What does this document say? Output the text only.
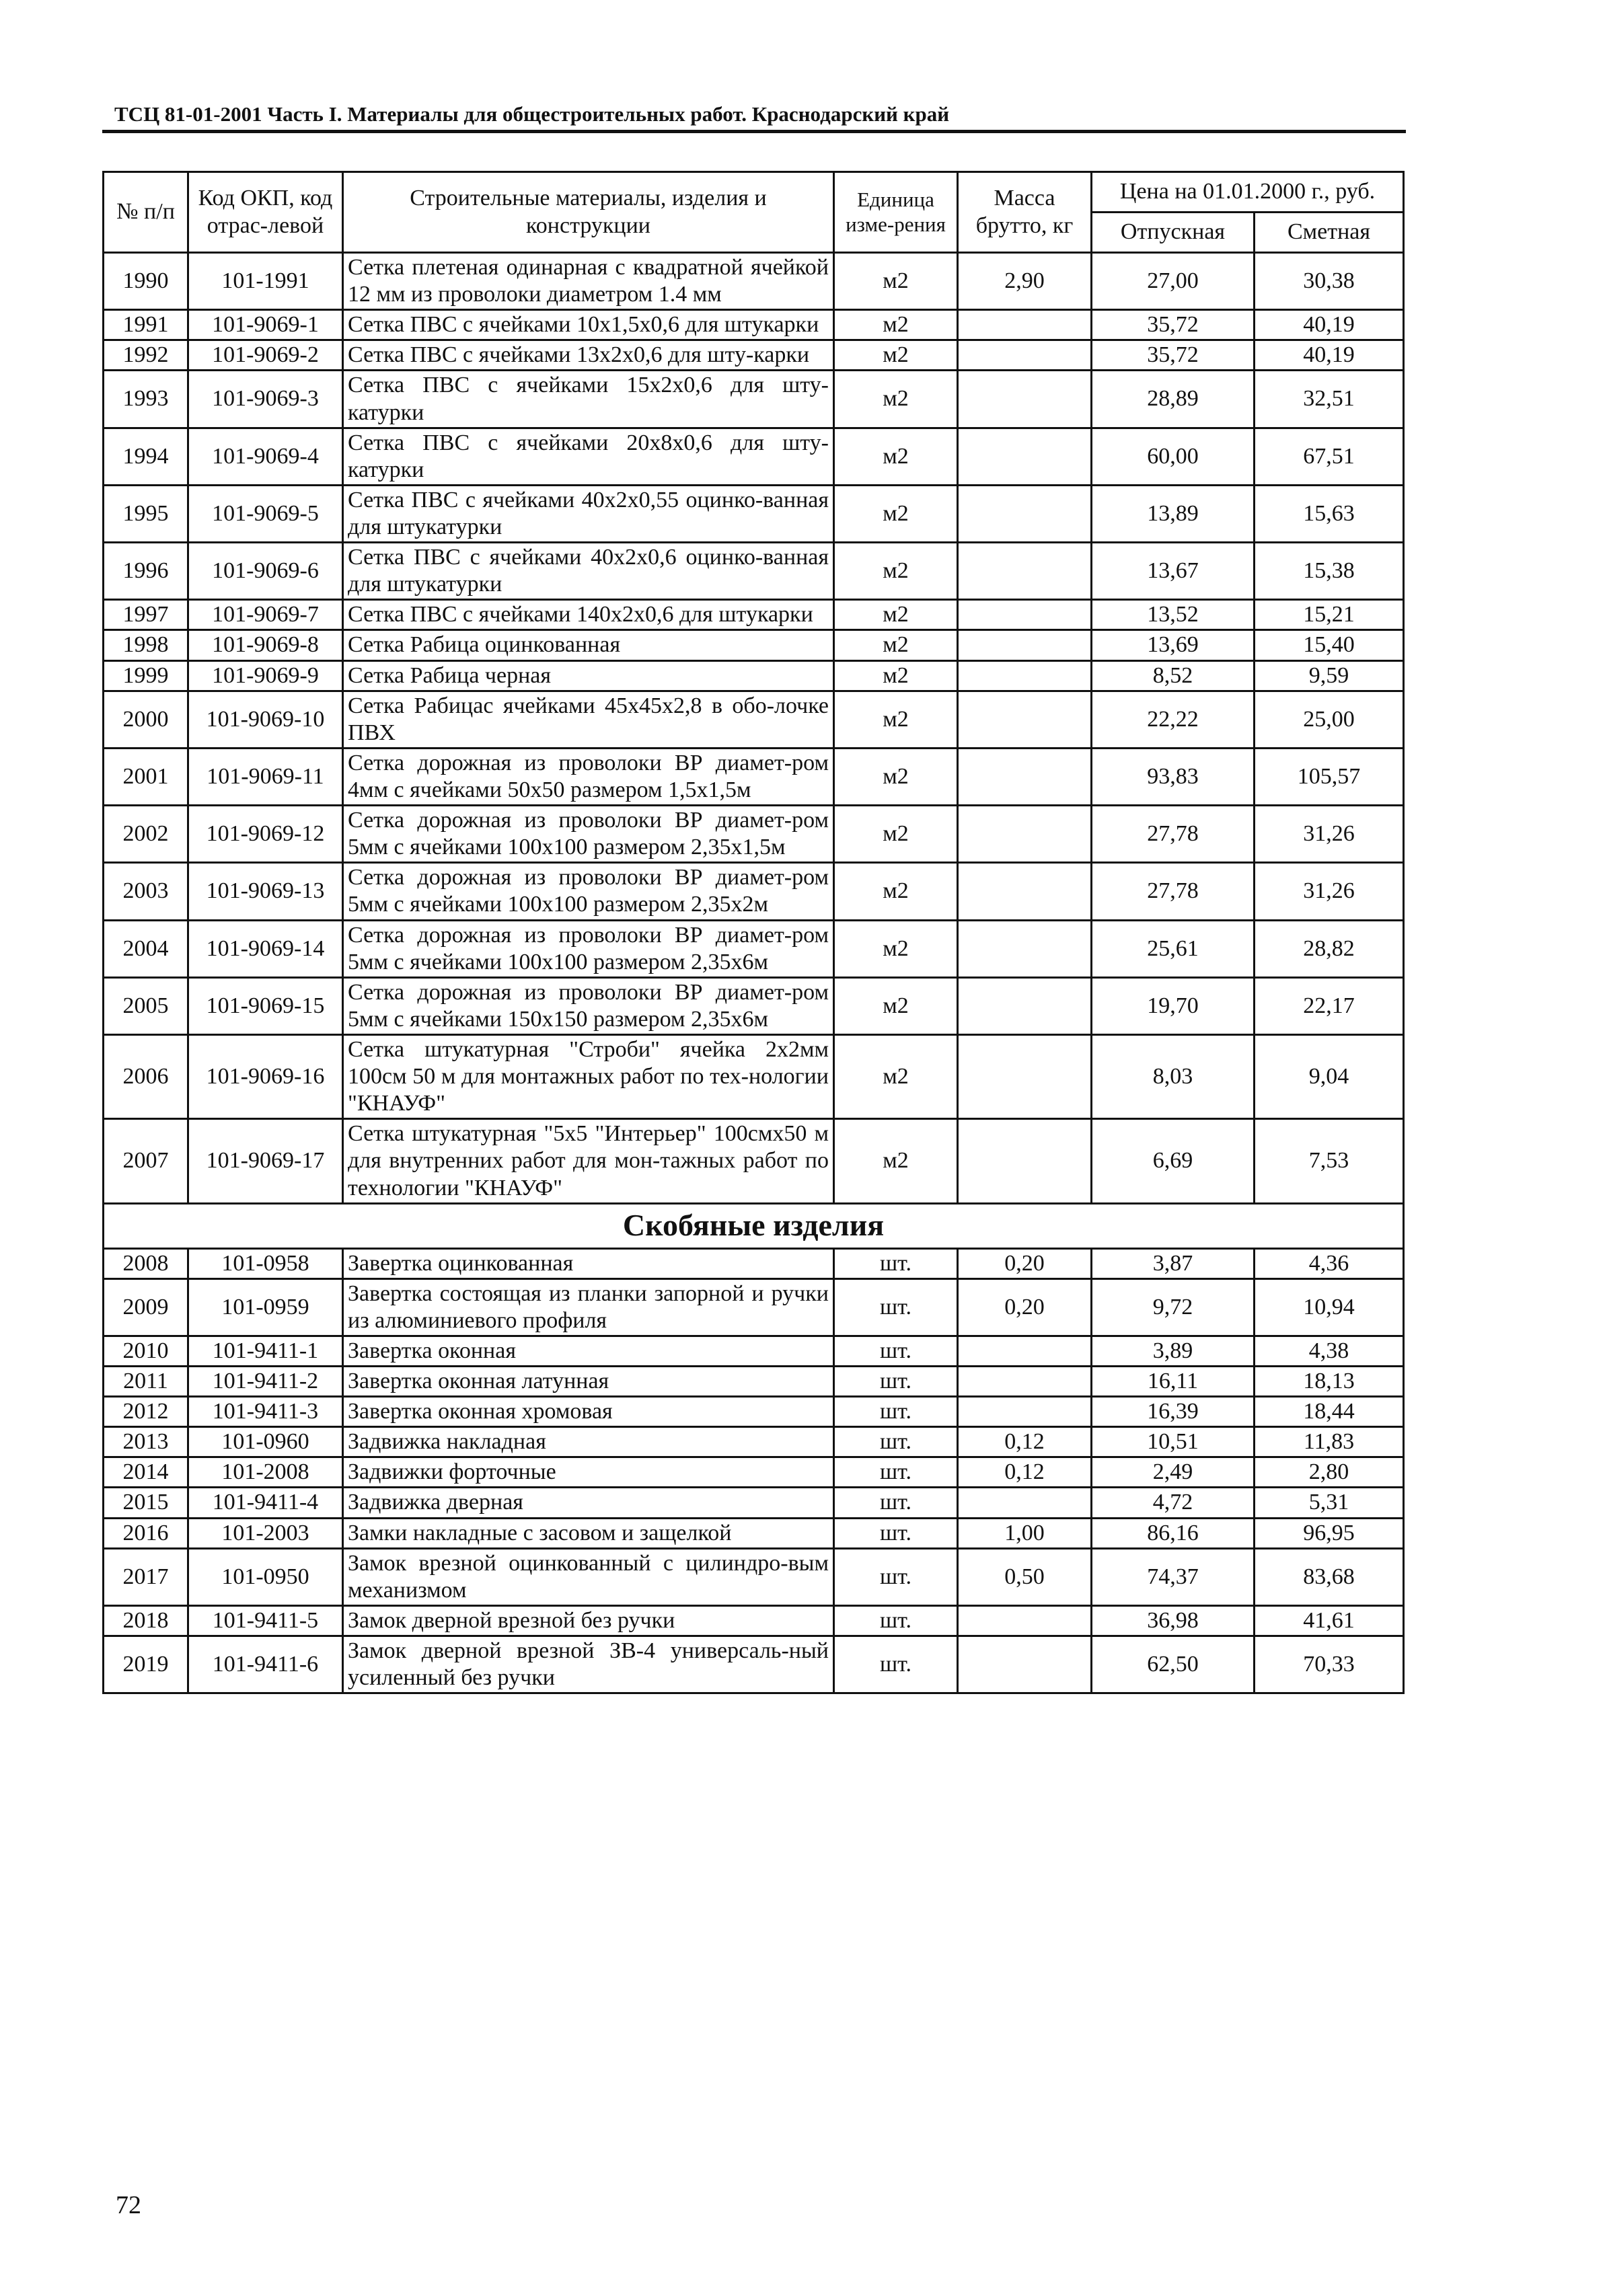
ТСЦ 81-01-2001 Часть I. Материалы для общестроительных работ. Краснодарский край
№ п/п	Код ОКП, код отрас-левой	Строительные материалы, изделия и конструкции	Единица изме-рения	Масса брутто, кг	Цена на 01.01.2000 г., руб.	
					Отпускная	Сметная
1990	101-1991	Сетка плетеная одинарная с квадратной ячейкой 12 мм из проволоки диаметром 1.4 мм	м2	2,90	27,00	30,38
1991	101-9069-1	Сетка ПВС с ячейками 10х1,5х0,6 для штукарки	м2		35,72	40,19
1992	101-9069-2	Сетка ПВС с ячейками 13х2х0,6 для шту-карки	м2		35,72	40,19
1993	101-9069-3	Сетка ПВС с ячейками 15х2х0,6 для шту-катурки	м2		28,89	32,51
1994	101-9069-4	Сетка ПВС с ячейками 20х8х0,6 для шту-катурки	м2		60,00	67,51
1995	101-9069-5	Сетка ПВС с ячейками 40х2х0,55 оцинко-ванная для штукатурки	м2		13,89	15,63
1996	101-9069-6	Сетка ПВС с ячейками 40х2х0,6 оцинко-ванная для штукатурки	м2		13,67	15,38
1997	101-9069-7	Сетка ПВС с ячейками 140х2х0,6 для штукарки	м2		13,52	15,21
1998	101-9069-8	Сетка Рабица оцинкованная	м2		13,69	15,40
1999	101-9069-9	Сетка Рабица черная	м2		8,52	9,59
2000	101-9069-10	Сетка Рабицас ячейками 45х45х2,8 в обо-лочке ПВХ	м2		22,22	25,00
2001	101-9069-11	Сетка дорожная из проволоки ВР диамет-ром 4мм с ячейками 50х50 размером 1,5х1,5м	м2		93,83	105,57
2002	101-9069-12	Сетка дорожная из проволоки ВР диамет-ром 5мм с ячейками 100х100 размером 2,35х1,5м	м2		27,78	31,26
2003	101-9069-13	Сетка дорожная из проволоки ВР диамет-ром 5мм с ячейками 100х100 размером 2,35х2м	м2		27,78	31,26
2004	101-9069-14	Сетка дорожная из проволоки ВР диамет-ром 5мм с ячейками 100х100 размером 2,35х6м	м2		25,61	28,82
2005	101-9069-15	Сетка дорожная из проволоки ВР диамет-ром 5мм с ячейками 150х150 размером 2,35х6м	м2		19,70	22,17
2006	101-9069-16	Сетка штукатурная "Строби" ячейка 2х2мм 100см 50 м для монтажных работ по тех-нологии "КНАУФ"	м2		8,03	9,04
2007	101-9069-17	Сетка штукатурная "5х5 "Интерьер" 100смх50 м для внутренних работ для мон-тажных работ по технологии "КНАУФ"	м2		6,69	7,53
Скобяные изделия						
2008	101-0958	Завертка оцинкованная	шт.	0,20	3,87	4,36
2009	101-0959	Завертка состоящая из планки запорной и ручки из алюминиевого профиля	шт.	0,20	9,72	10,94
2010	101-9411-1	Завертка оконная	шт.		3,89	4,38
2011	101-9411-2	Завертка оконная латунная	шт.		16,11	18,13
2012	101-9411-3	Завертка оконная хромовая	шт.		16,39	18,44
2013	101-0960	Задвижка накладная	шт.	0,12	10,51	11,83
2014	101-2008	Задвижки форточные	шт.	0,12	2,49	2,80
2015	101-9411-4	Задвижка дверная	шт.		4,72	5,31
2016	101-2003	Замки накладные с засовом и защелкой	шт.	1,00	86,16	96,95
2017	101-0950	Замок врезной оцинкованный с цилиндро-вым механизмом	шт.	0,50	74,37	83,68
2018	101-9411-5	Замок дверной врезной без ручки	шт.		36,98	41,61
2019	101-9411-6	Замок дверной врезной ЗВ-4 универсаль-ный усиленный без ручки	шт.		62,50	70,33
72
